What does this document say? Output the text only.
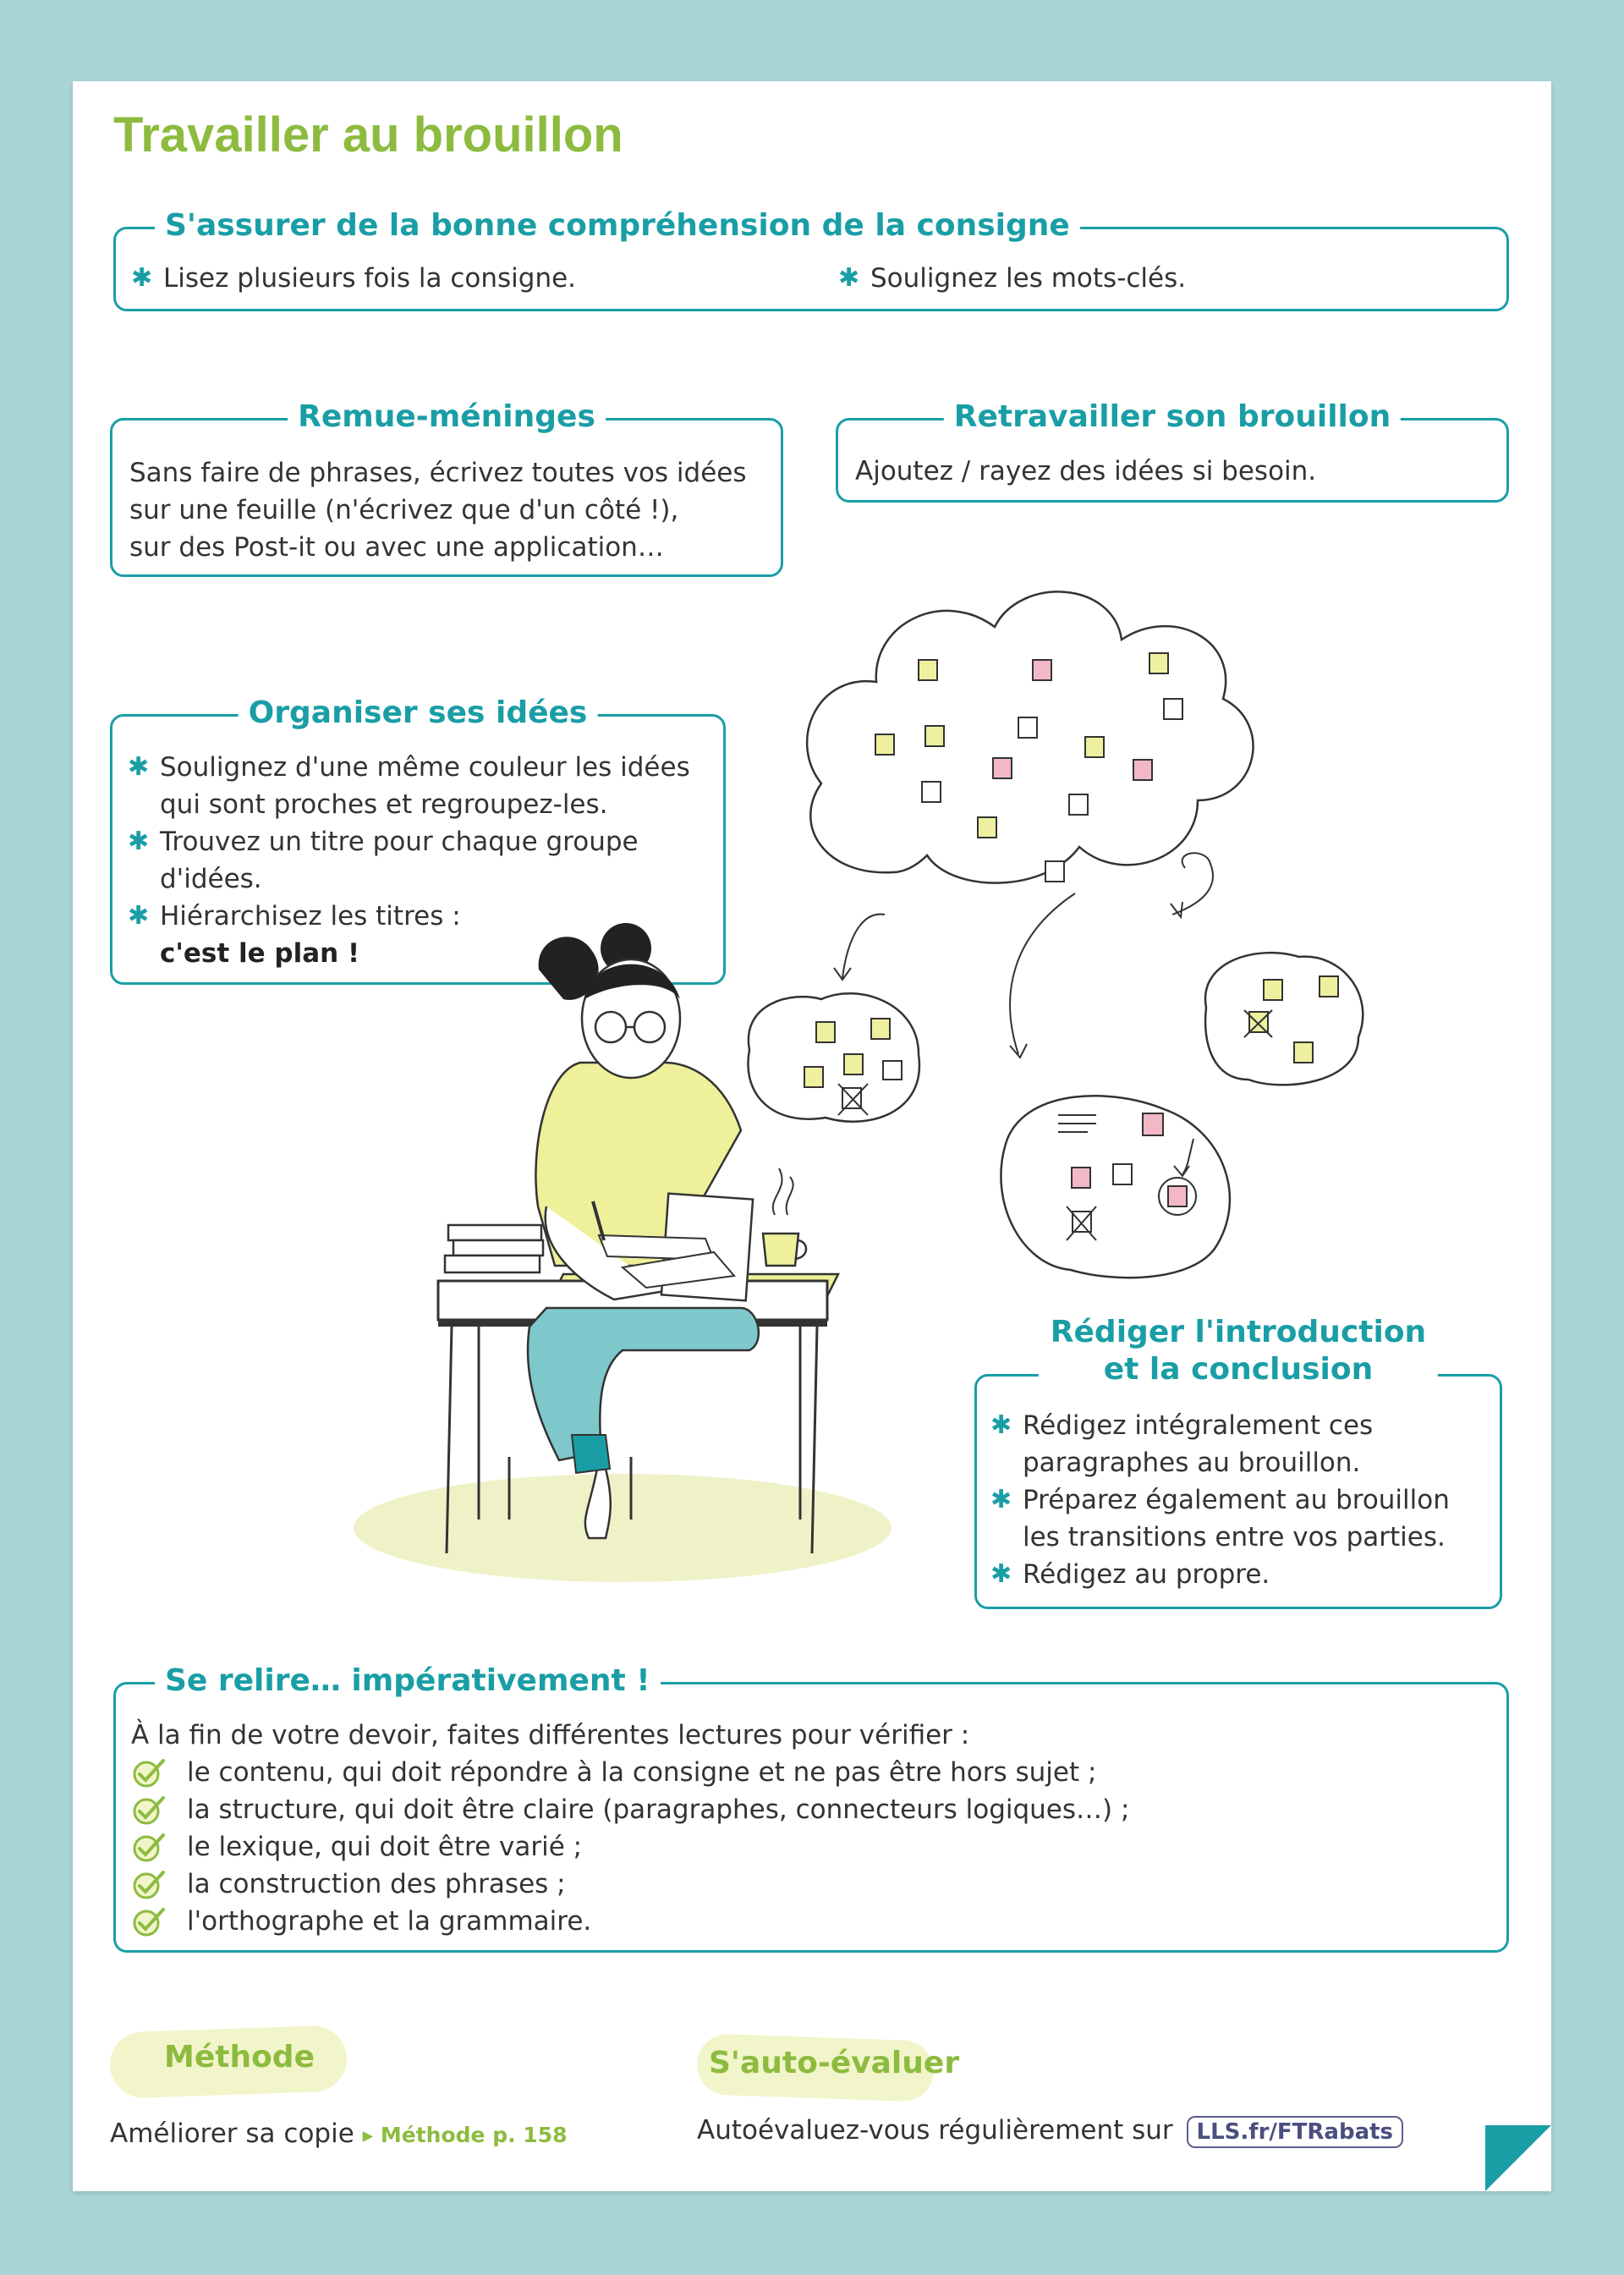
Travailler au brouillon
S'assurer de la bonne compréhension de la consigne
✱ Lisez plusieurs fois la consigne.	✱ Soulignez les mots-clés.
Remue-méninges
Sans faire de phrases, écrivez toutes vos idées
sur une feuille (n'écrivez que d'un côté !),
sur des Post-it ou avec une application…
Retravailler son brouillon
Ajoutez / rayez des idées si besoin.
Organiser ses idées
✱ Soulignez d'une même couleur les idées
qui sont proches et regroupez-les.
✱ Trouvez un titre pour chaque groupe
d'idées.
✱ Hiérarchisez les titres :
c'est le plan !
Rédiger l'introduction
et la conclusion
✱ Rédigez intégralement ces
paragraphes au brouillon.
✱ Préparez également au brouillon
les transitions entre vos parties.
✱ Rédigez au propre.
Se relire… impérativement !
À la fin de votre devoir, faites différentes lectures pour vérifier :
le contenu, qui doit répondre à la consigne et ne pas être hors sujet ;
la structure, qui doit être claire (paragraphes, connecteurs logiques…) ;
le lexique, qui doit être varié ;
la construction des phrases ;
l'orthographe et la grammaire.
Méthode
Améliorer sa copie ▸ Méthode p. 158
S'auto-évaluer
Autoévaluez-vous régulièrement sur LLS.fr/FTRabats
